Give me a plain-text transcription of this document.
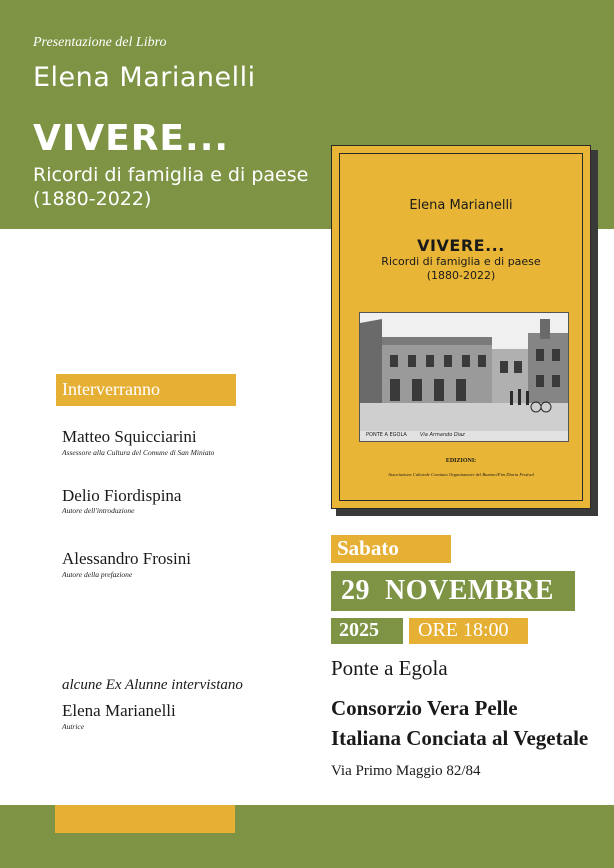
Presentazione del Libro
Elena Marianelli
VIVERE...
Ricordi di famiglia e di paese
(1880-2022)	Elena Marianelli
VIVERE...
Ricordi di famiglia e di paese
(1880-2022)
PONTE A EGOLA	Via Armando Diaz
EDIZIONI:
Associazione Culturale Comitato Organizzatore del Buzzino/Fim Diaria Festival
Interverranno
Matteo Squicciarini
Assessore alla Cultura del Comune di San Miniato
Delio Fiordispina
Autore dell'introduzione
Alessandro Frosini
Autore della prefazione
alcune Ex Alunne intervistano
Elena Marianelli
Autrice
Sabato
29  NOVEMBRE
2025 ORE 18:00
Ponte a Egola
Consorzio Vera Pelle
Italiana Conciata al Vegetale
Via Primo Maggio 82/84
